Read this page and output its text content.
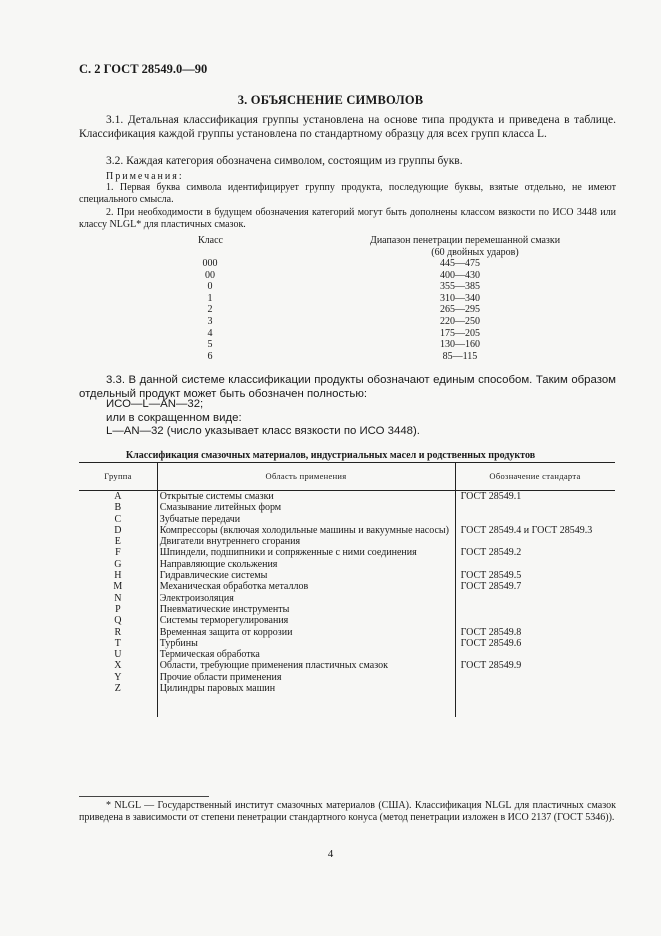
С. 2 ГОСТ 28549.0—90
3. ОБЪЯСНЕНИЕ СИМВОЛОВ
3.1. Детальная классификация группы установлена на основе типа продукта и приведена в таблице. Классификация каждой группы установлена по стандартному образцу для всех групп класса L.
3.2. Каждая категория обозначена символом, состоящим из группы букв.
Примечания:
1. Первая буква символа идентифицирует группу продукта, последующие буквы, взятые отдельно, не имеют специального смысла.
2. При необходимости в будущем обозначения категорий могут быть дополнены классом вязкости по ИСО 3448 или классу NLGL* для пластичных смазок.
Класс	Диапазон пенетрации перемешанной смазки
(60 двойных ударов)
000	445—475
00	400—430
0	355—385
1	310—340
2	265—295
3	220—250
4	175—205
5	130—160
6	85—115
3.3. В данной системе классификации продукты обозначают единым способом. Таким образом отдельный продукт может быть обозначен полностью:
ИСО—L—AN—32;
или в сокращенном виде:
L—AN—32 (число указывает класс вязкости по ИСО 3448).
Классификация смазочных материалов, индустриальных масел и родственных продуктов
Группа	Область применения	Обозначение стандарта
A	Открытые системы смазки	ГОСТ 28549.1
B	Смазывание литейных форм
C	Зубчатые передачи
D	Компрессоры (включая холодильные машины и вакуумные насосы)	ГОСТ 28549.4 и ГОСТ 28549.3
E	Двигатели внутреннего сгорания
F	Шпиндели, подшипники и сопряженные с ними соединения	ГОСТ 28549.2
G	Направляющие скольжения
H	Гидравлические системы	ГОСТ 28549.5
M	Механическая обработка металлов	ГОСТ 28549.7
N	Электроизоляция
P	Пневматические инструменты
Q	Системы терморегулирования
R	Временная защита от коррозии	ГОСТ 28549.8
T	Турбины	ГОСТ 28549.6
U	Термическая обработка
X	Области, требующие применения пластичных смазок	ГОСТ 28549.9
Y	Прочие области применения
Z	Цилиндры паровых машин
* NLGL — Государственный институт смазочных материалов (США). Классификация NLGL для пластичных смазок приведена в зависимости от степени пенетрации стандартного конуса (метод пенетрации изложен в ИСО 2137 (ГОСТ 5346)).
4
